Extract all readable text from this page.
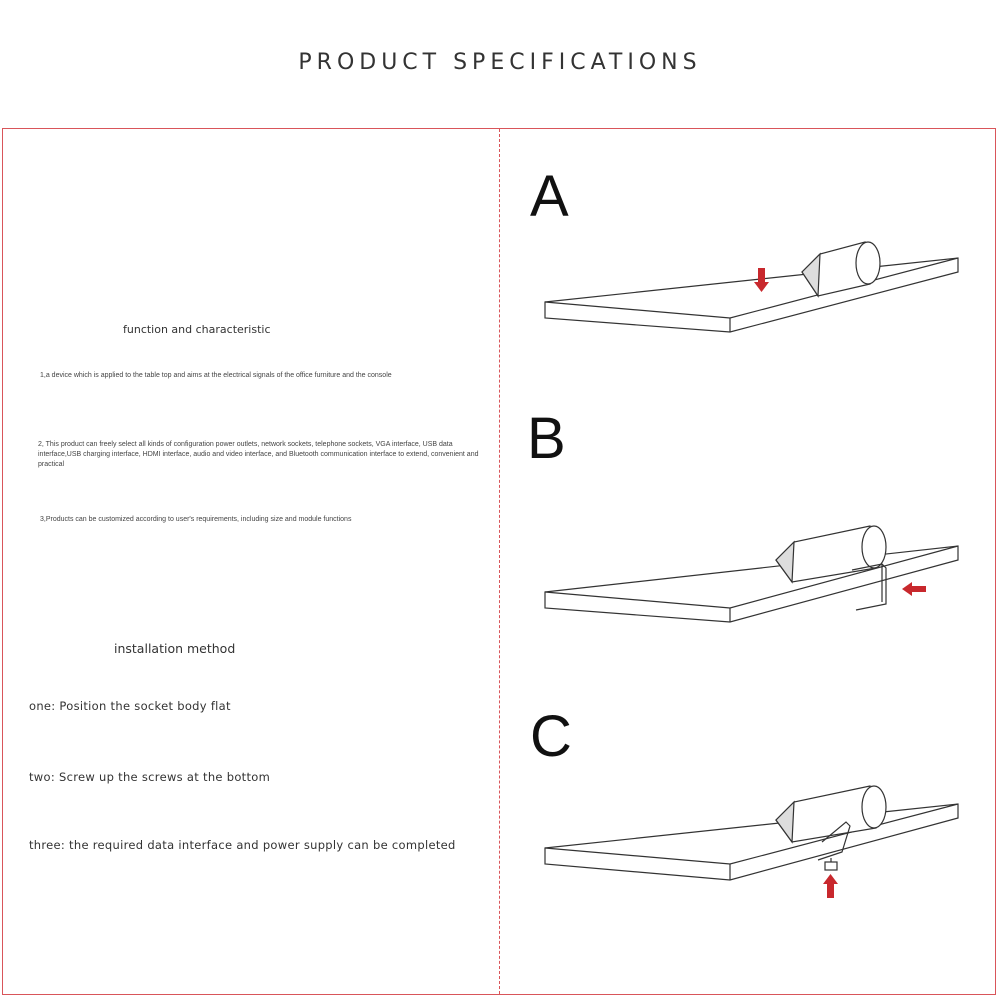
PRODUCT SPECIFICATIONS
function and characteristic
1,a device which is applied to the table top and aims at the electrical signals of the office furniture and the console
2, This product can freely select all kinds of configuration power outlets, network sockets, telephone sockets, VGA interface, USB data interface,USB charging interface, HDMI interface, audio and video interface, and Bluetooth communication interface to extend, convenient and practical
3,Products can be customized according to user's requirements, including size and module functions
installation method
one: Position the socket body flat
two: Screw up the screws at the bottom
three: the required data interface and power supply can be completed
A
B
C
